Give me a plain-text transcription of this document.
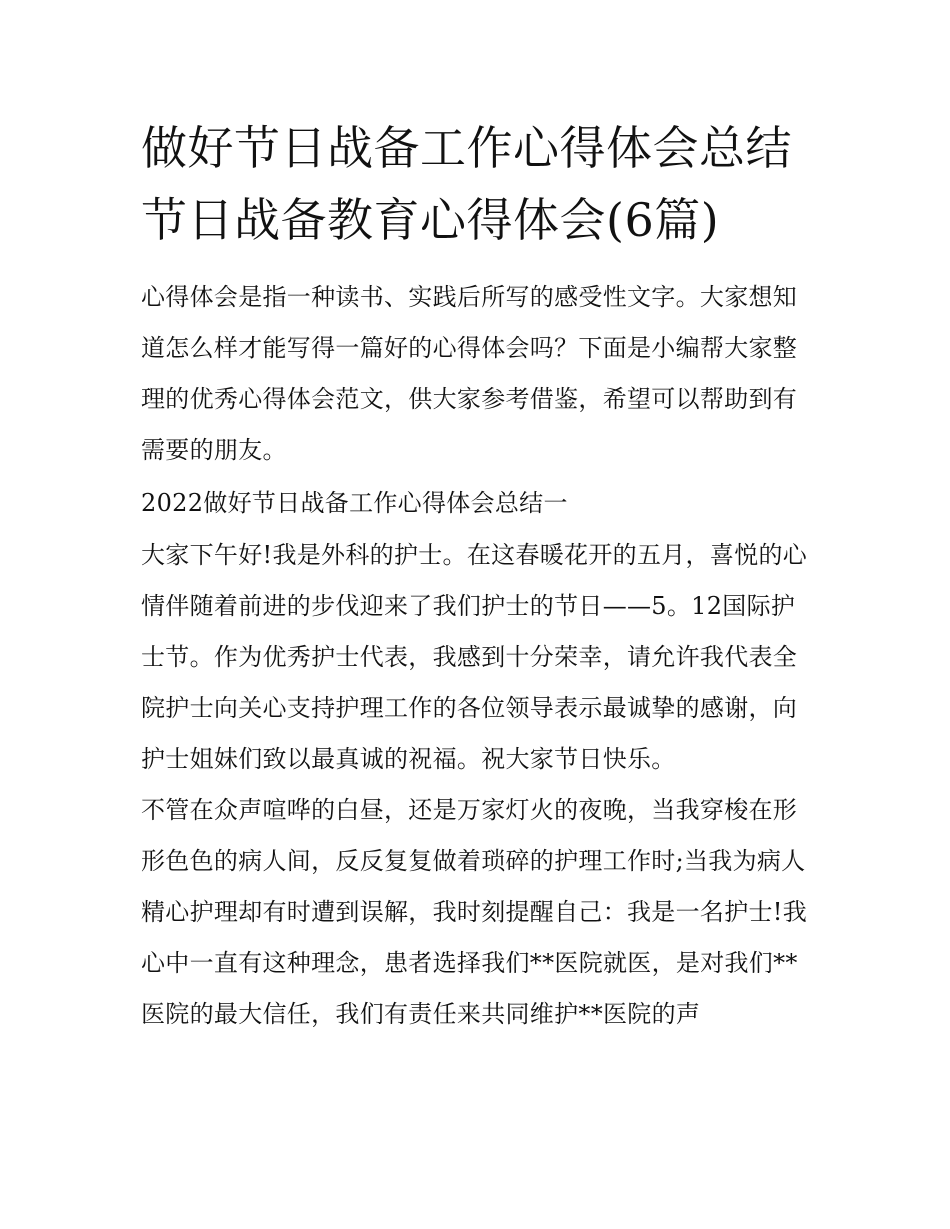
做好节日战备工作心得体会总结 节日战备教育心得体会(6篇)

心得体会是指一种读书、实践后所写的感受性文字。大家想知道怎么样才能写得一篇好的心得体会吗？下面是小编帮大家整理的优秀心得体会范文，供大家参考借鉴，希望可以帮助到有需要的朋友。

2022做好节日战备工作心得体会总结一

大家下午好!我是外科的护士。在这春暖花开的五月，喜悦的心情伴随着前进的步伐迎来了我们护士的节日——5。12国际护士节。作为优秀护士代表，我感到十分荣幸，请允许我代表全院护士向关心支持护理工作的各位领导表示最诚挚的感谢，向护士姐妹们致以最真诚的祝福。祝大家节日快乐。

不管在众声喧哗的白昼，还是万家灯火的夜晚，当我穿梭在形形色色的病人间，反反复复做着琐碎的护理工作时;当我为病人精心护理却有时遭到误解，我时刻提醒自己：我是一名护士!我心中一直有这种理念，患者选择我们**医院就医，是对我们**医院的最大信任，我们有责任来共同维护**医院的声
